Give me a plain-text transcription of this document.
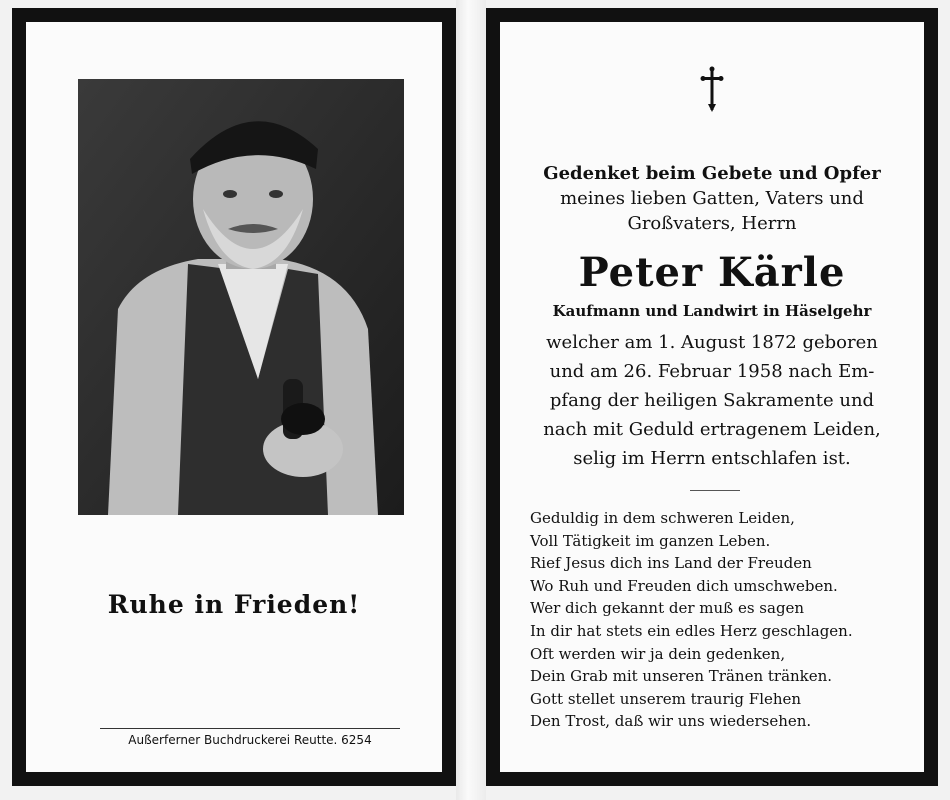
Ruhe in Frieden!
Außerferner Buchdruckerei Reutte. 6254
Gedenket beim Gebete und Opfer
meines lieben Gatten, Vaters und
Großvaters, Herrn
Peter Kärle
Kaufmann und Landwirt in Häselgehr
welcher am 1. August 1872 geboren
und am 26. Februar 1958 nach Em-
pfang der heiligen Sakramente und
nach mit Geduld ertragenem Leiden,
selig im Herrn entschlafen ist.
Geduldig in dem schweren Leiden,
Voll Tätigkeit im ganzen Leben.
Rief Jesus dich ins Land der Freuden
Wo Ruh und Freuden dich umschweben.
Wer dich gekannt der muß es sagen
In dir hat stets ein edles Herz geschlagen.
Oft werden wir ja dein gedenken,
Dein Grab mit unseren Tränen tränken.
Gott stellet unserem traurig Flehen
Den Trost, daß wir uns wiedersehen.
